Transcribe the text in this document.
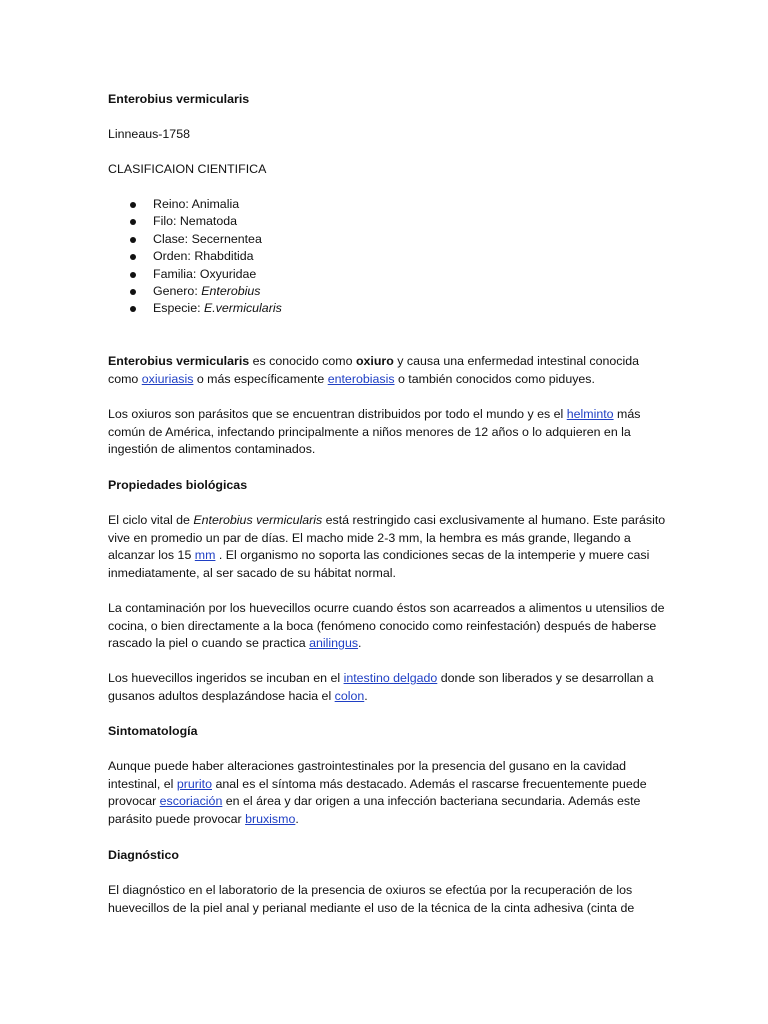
Enterobius vermicularis

Linneaus-1758

CLASIFICAION CIENTIFICA

Reino: Animalia
Filo: Nematoda
Clase: Secernentea
Orden: Rhabditida
Familia: Oxyuridae
Genero: Enterobius
Especie: E.vermicularis

Enterobius vermicularis es conocido como oxiuro y causa una enfermedad intestinal conocida como oxiuriasis o más específicamente enterobiasis o también conocidos como piduyes.

Los oxiuros son parásitos que se encuentran distribuidos por todo el mundo y es el helminto más común de América, infectando principalmente a niños menores de 12 años o lo adquieren en la ingestión de alimentos contaminados.

Propiedades biológicas

El ciclo vital de Enterobius vermicularis está restringido casi exclusivamente al humano. Este parásito vive en promedio un par de días. El macho mide 2-3 mm, la hembra es más grande, llegando a alcanzar los 15 mm . El organismo no soporta las condiciones secas de la intemperie y muere casi inmediatamente, al ser sacado de su hábitat normal.

La contaminación por los huevecillos ocurre cuando éstos son acarreados a alimentos u utensilios de cocina, o bien directamente a la boca (fenómeno conocido como reinfestación) después de haberse rascado la piel o cuando se practica anilingus.

Los huevecillos ingeridos se incuban en el intestino delgado donde son liberados y se desarrollan a gusanos adultos desplazándose hacia el colon.

Sintomatología

Aunque puede haber alteraciones gastrointestinales por la presencia del gusano en la cavidad intestinal, el prurito anal es el síntoma más destacado. Además el rascarse frecuentemente puede provocar escoriación en el área y dar origen a una infección bacteriana secundaria. Además este parásito puede provocar bruxismo.

Diagnóstico

El diagnóstico en el laboratorio de la presencia de oxiuros se efectúa por la recuperación de los huevecillos de la piel anal y perianal mediante el uso de la técnica de la cinta adhesiva (cinta de
